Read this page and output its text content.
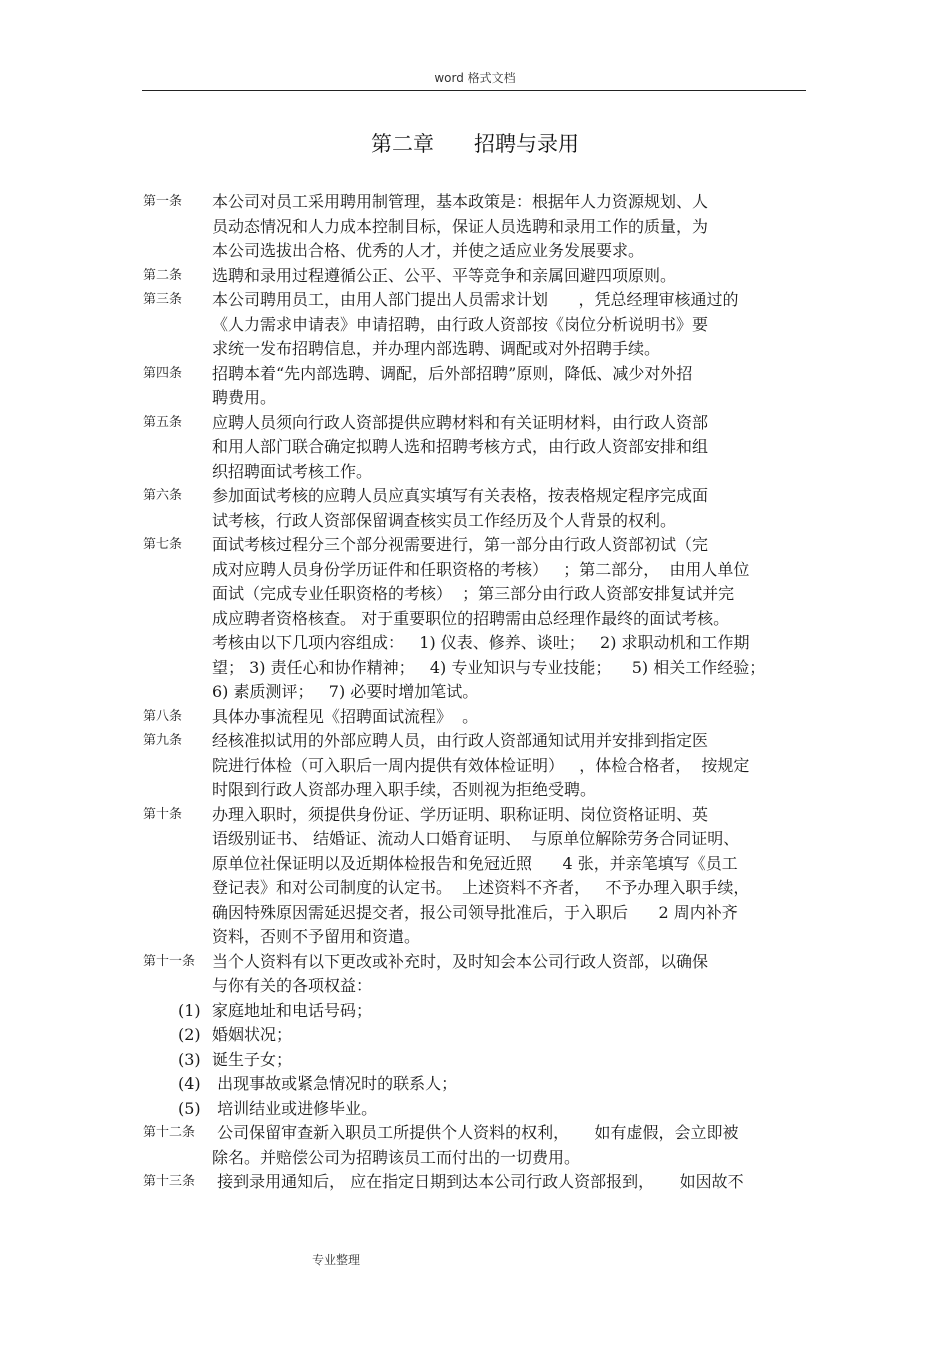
word 格式文档
第二章      招聘与录用
第一条 本公司对员工采用聘用制管理，基本政策是：根据年人力资源规划、人
员动态情况和人力成本控制目标，保证人员选聘和录用工作的质量，为
本公司选拔出合格、优秀的人才，并使之适应业务发展要求。
第二条 选聘和录用过程遵循公正、公平、平等竞争和亲属回避四项原则。
第三条 本公司聘用员工，由用人部门提出人员需求计划      ，凭总经理审核通过的
《人力需求申请表》申请招聘，由行政人资部按《岗位分析说明书》要
求统一发布招聘信息，并办理内部选聘、调配或对外招聘手续。
第四条 招聘本着“先内部选聘、调配，后外部招聘”原则，降低、减少对外招
聘费用。
第五条 应聘人员须向行政人资部提供应聘材料和有关证明材料，由行政人资部
和用人部门联合确定拟聘人选和招聘考核方式，由行政人资部安排和组
织招聘面试考核工作。
第六条 参加面试考核的应聘人员应真实填写有关表格，按表格规定程序完成面
试考核，行政人资部保留调查核实员工作经历及个人背景的权利。
第七条 面试考核过程分三个部分视需要进行，第一部分由行政人资部初试（完
成对应聘人员身份学历证件和任职资格的考核）   ；第二部分，  由用人单位
面试（完成专业任职资格的考核）  ；第三部分由行政人资部安排复试并完
成应聘者资格核查。 对于重要职位的招聘需由总经理作最终的面试考核。
考核由以下几项内容组成：   1) 仪表、修养、谈吐；   2) 求职动机和工作期
望； 3) 责任心和协作精神；   4) 专业知识与专业技能；    5) 相关工作经验；
6) 素质测评；   7) 必要时增加笔试。
第八条 具体办事流程见《招聘面试流程》  。
第九条 经核准拟试用的外部应聘人员，由行政人资部通知试用并安排到指定医
院进行体检（可入职后一周内提供有效体检证明）   ，体检合格者，  按规定
时限到行政人资部办理入职手续，否则视为拒绝受聘。
第十条 办理入职时，须提供身份证、学历证明、职称证明、岗位资格证明、英
语级别证书、 结婚证、流动人口婚育证明、  与原单位解除劳务合同证明、
原单位社保证明以及近期体检报告和免冠近照      4 张，并亲笔填写《员工
登记表》和对公司制度的认定书。  上述资料不齐者，   不予办理入职手续，
确因特殊原因需延迟提交者，报公司领导批准后，于入职后      2 周内补齐
资料，否则不予留用和资遣。
第十一条 当个人资料有以下更改或补充时，及时知会本公司行政人资部，以确保
与你有关的各项权益：
(1) 家庭地址和电话号码；
(2) 婚姻状况；
(3) 诞生子女；
(4) 出现事故或紧急情况时的联系人；
(5) 培训结业或进修毕业。
第十二条 公司保留审查新入职员工所提供个人资料的权利，     如有虚假，会立即被
除名。并赔偿公司为招聘该员工而付出的一切费用。
第十三条 接到录用通知后， 应在指定日期到达本公司行政人资部报到，     如因故不
专业整理
